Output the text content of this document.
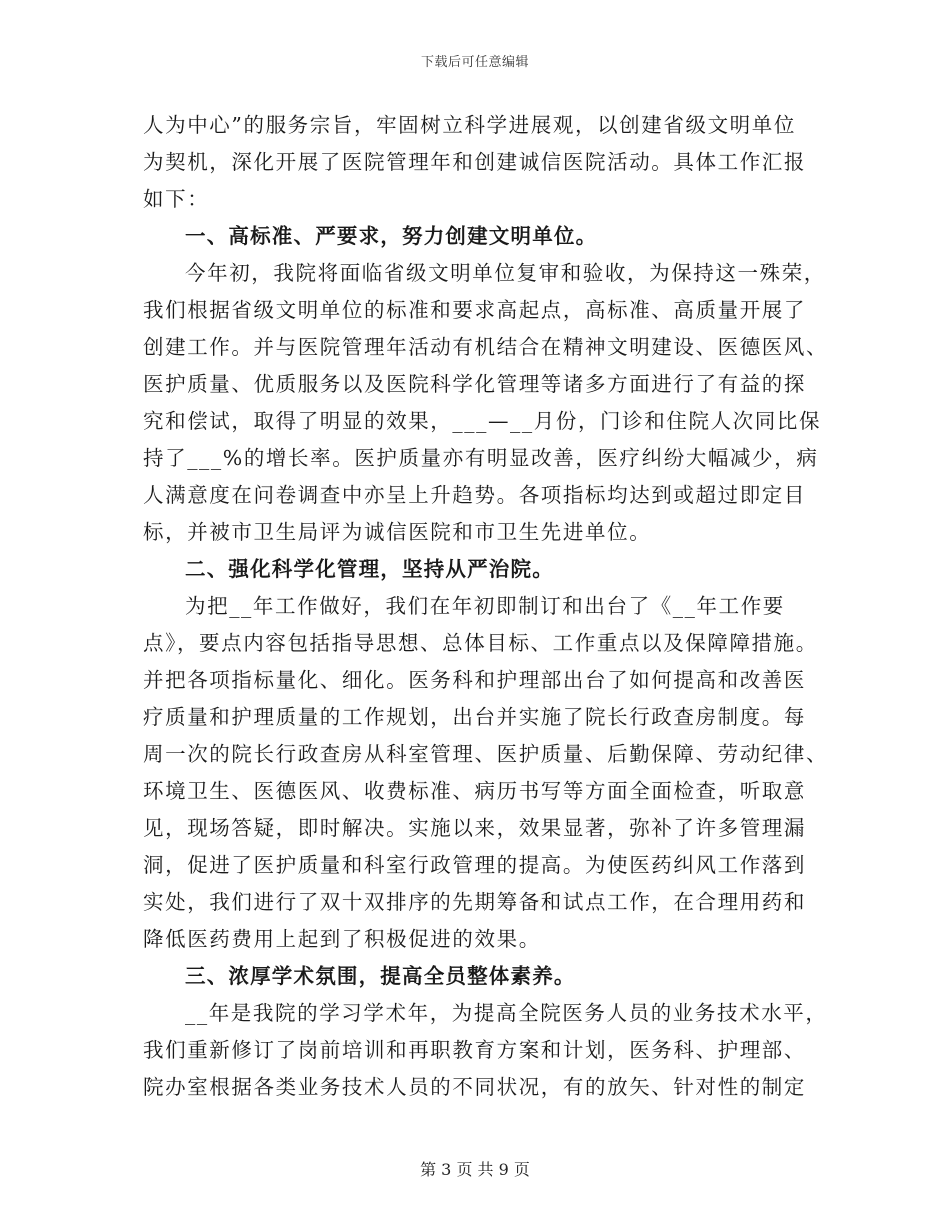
下载后可任意编辑
人为中心”的服务宗旨，牢固树立科学进展观，以创建省级文明单位
为契机，深化开展了医院管理年和创建诚信医院活动。具体工作汇报
如下：
一、高标准、严要求，努力创建文明单位。
今年初，我院将面临省级文明单位复审和验收，为保持这一殊荣，
我们根据省级文明单位的标准和要求高起点，高标准、高质量开展了
创建工作。并与医院管理年活动有机结合在精神文明建设、医德医风、
医护质量、优质服务以及医院科学化管理等诸多方面进行了有益的探
究和偿试，取得了明显的效果，___—__月份，门诊和住院人次同比保
持了___%的增长率。医护质量亦有明显改善，医疗纠纷大幅减少，病
人满意度在问卷调查中亦呈上升趋势。各项指标均达到或超过即定目
标，并被市卫生局评为诚信医院和市卫生先进单位。
二、强化科学化管理，坚持从严治院。
为把__年工作做好，我们在年初即制订和出台了《__年工作要
点》，要点内容包括指导思想、总体目标、工作重点以及保障障措施。
并把各项指标量化、细化。医务科和护理部出台了如何提高和改善医
疗质量和护理质量的工作规划，出台并实施了院长行政查房制度。每
周一次的院长行政查房从科室管理、医护质量、后勤保障、劳动纪律、
环境卫生、医德医风、收费标准、病历书写等方面全面检查，听取意
见，现场答疑，即时解决。实施以来，效果显著，弥补了许多管理漏
洞，促进了医护质量和科室行政管理的提高。为使医药纠风工作落到
实处，我们进行了双十双排序的先期筹备和试点工作，在合理用药和
降低医药费用上起到了积极促进的效果。
三、浓厚学术氛围，提高全员整体素养。
__年是我院的学习学术年，为提高全院医务人员的业务技术水平，
我们重新修订了岗前培训和再职教育方案和计划，医务科、护理部、
院办室根据各类业务技术人员的不同状况，有的放矢、针对性的制定
第 3 页 共 9 页
